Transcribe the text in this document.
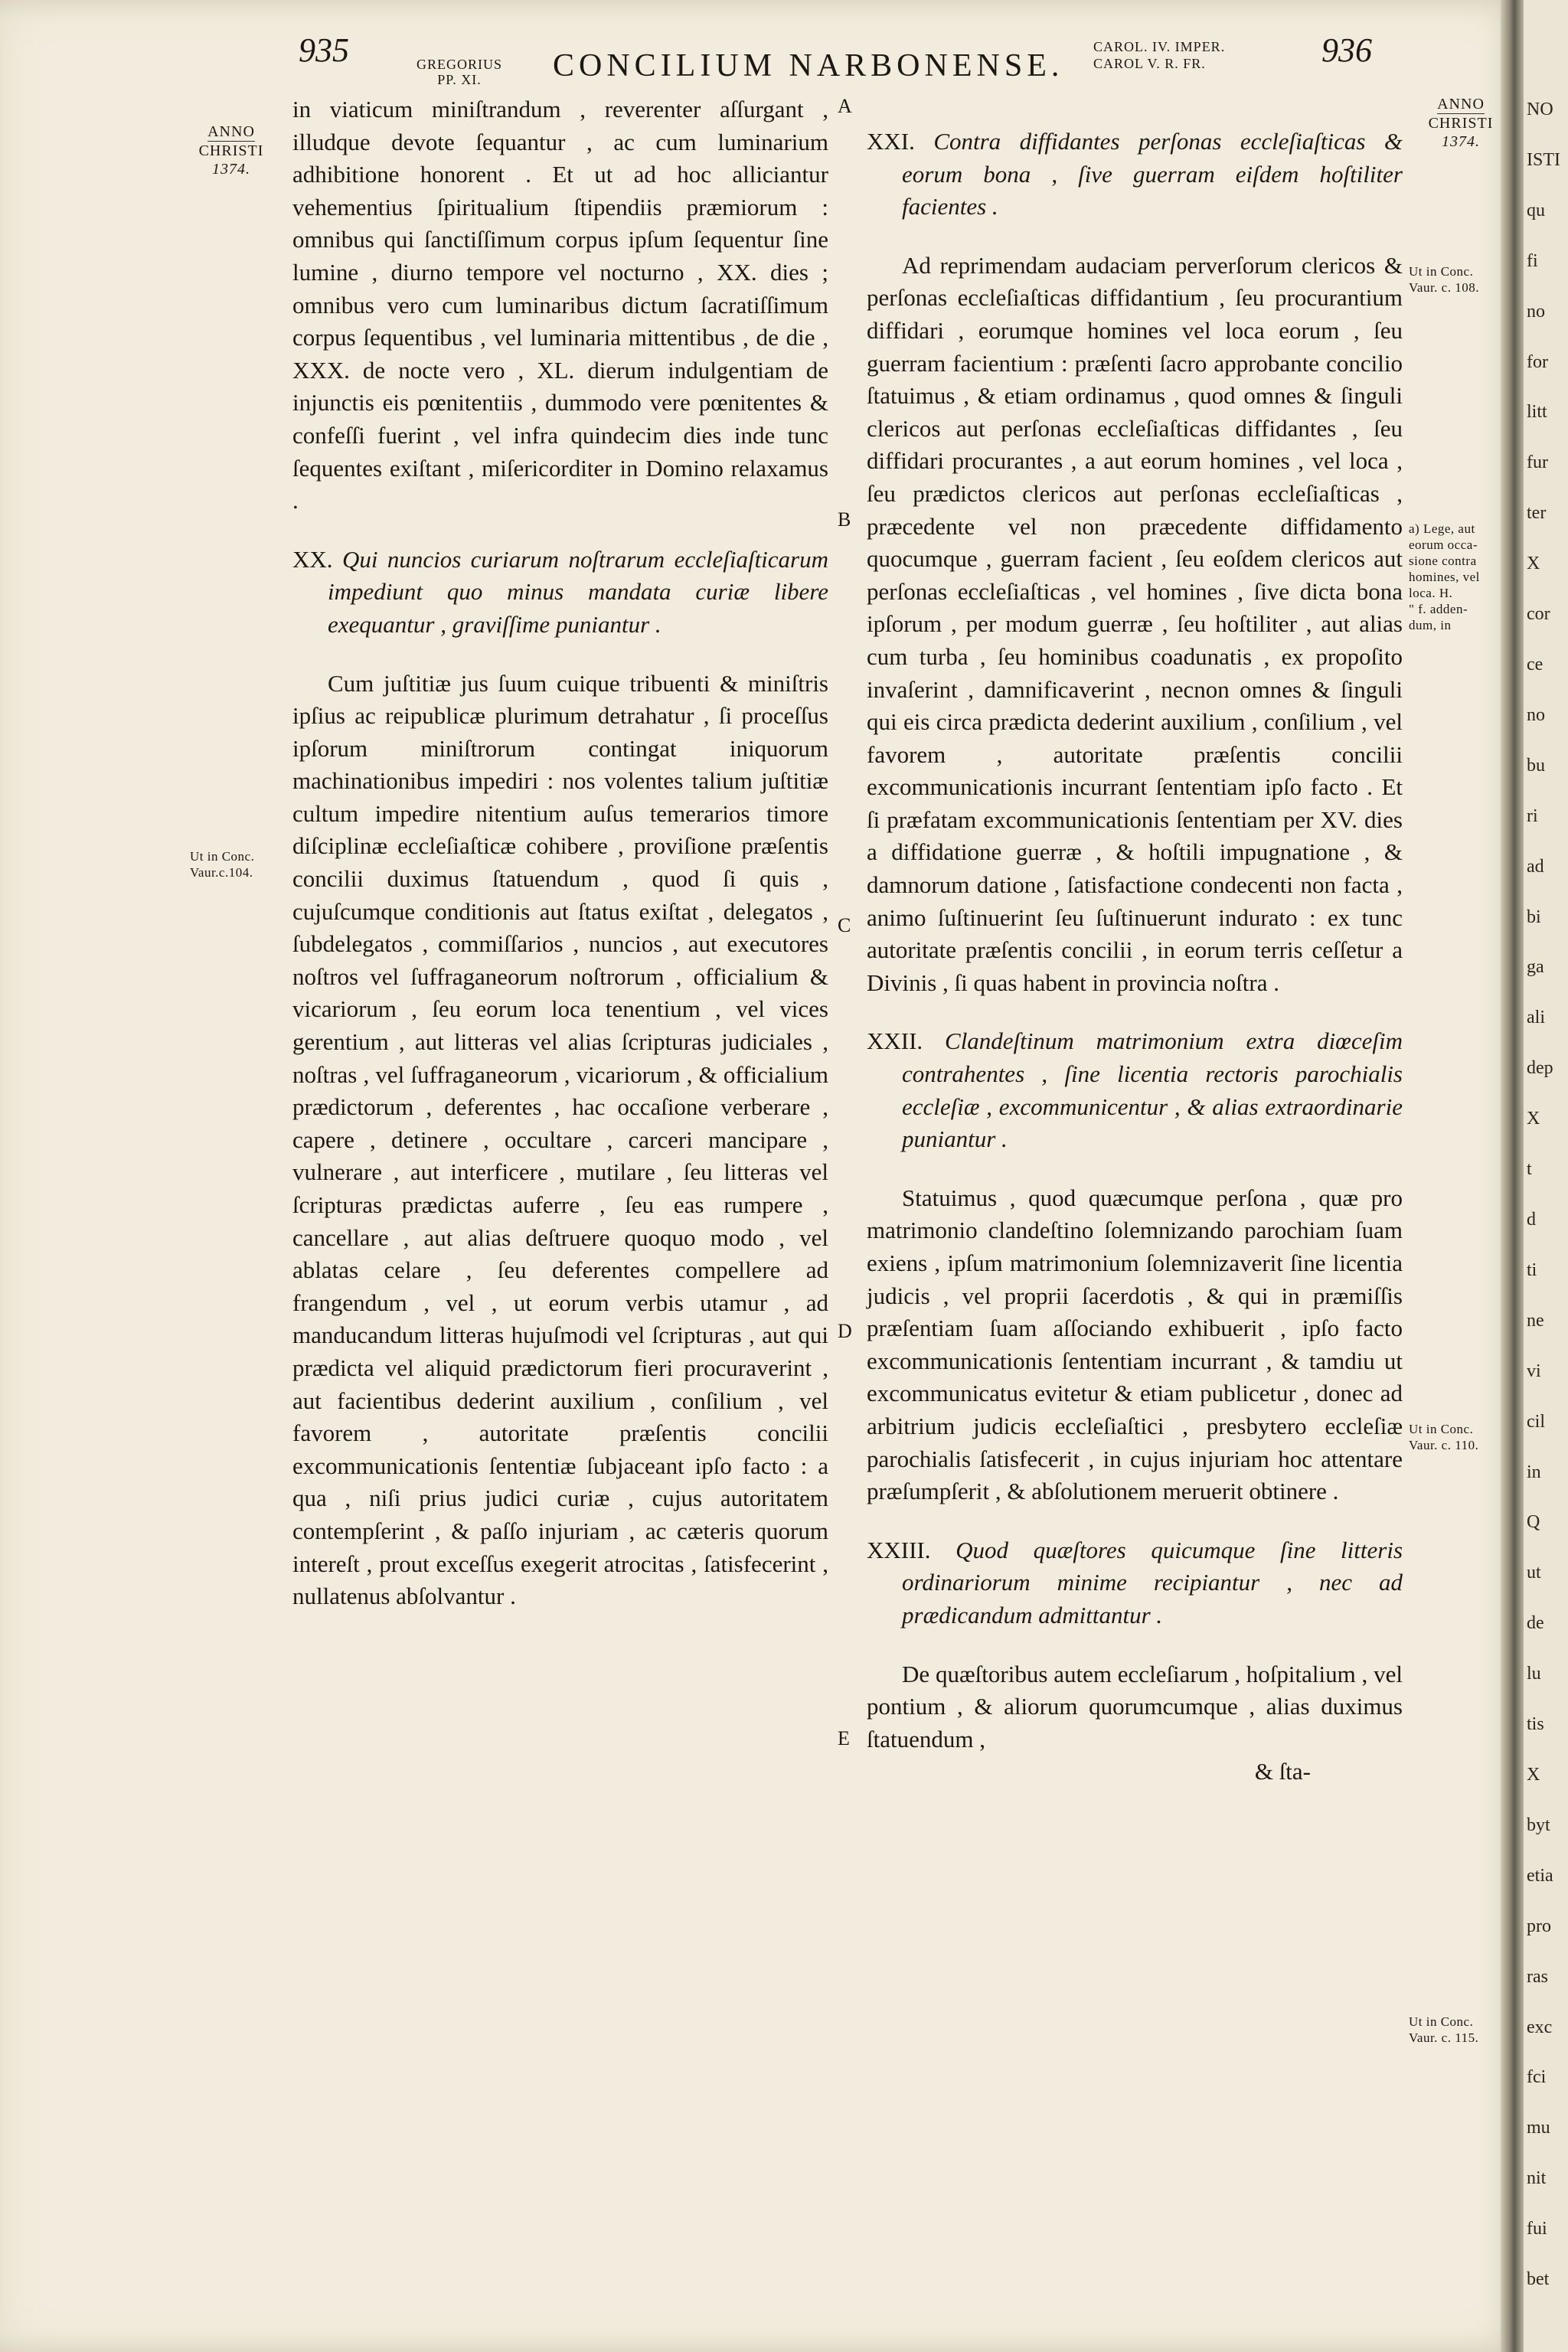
NO
ISTI
qu
fi
no
for
litt
fur
ter
X
cor
ce
no
bu
ri
ad
bi
ga
ali
dep
X
t
d
ti
ne
vi
cil
in
Q
ut
de
lu
tis
X
byt
etia
pro
ras
exc
fci
mu
nit
fui
bet
935	GREGORIUS
PP. XI.	CONCILIUM NARBONENSE.
CAROL. IV. IMPER.
CAROL V. R. FR.	936
ANNO
CHRISTI
1374.
ANNO
CHRISTI
1374.

in viaticum miniſtrandum , reverenter aſſurgant , illudque devote ſequantur , ac cum luminarium adhibitione honorent . Et ut ad hoc alliciantur vehementius ſpiritualium ſtipendiis præmiorum : omnibus qui ſanctiſſimum corpus ipſum ſequentur ſine lumine , diurno tempore vel nocturno , XX. dies ; omnibus vero cum luminaribus dictum ſacratiſſimum corpus ſequentibus , vel luminaria mittentibus , de die , XXX. de nocte vero , XL. dierum indulgentiam de injunctis eis pœnitentiis , dummodo vere pœnitentes & confeſſi fuerint , vel infra quindecim dies inde tunc ſequentes exiſtant , miſericorditer in Domino relaxamus .

XX. Qui nuncios curiarum noſtrarum eccleſiaſticarum impediunt quo minus mandata curiæ libere exequantur , graviſſime puniantur .

Cum juſtitiæ jus ſuum cuique tribuenti & miniſtris ipſius ac reipublicæ plurimum detrahatur , ſi proceſſus ipſorum miniſtrorum contingat iniquorum machinationibus impediri : nos volentes talium juſtitiæ cultum impedire nitentium auſus temerarios timore diſciplinæ eccleſiaſticæ cohibere , proviſione præſentis concilii duximus ſtatuendum , quod ſi quis , cujuſcumque conditionis aut ſtatus exiſtat , delegatos , ſubdelegatos , commiſſarios , nuncios , aut executores noſtros vel ſuffraganeorum noſtrorum , officialium & vicariorum , ſeu eorum loca tenentium , vel vices gerentium , aut litteras vel alias ſcripturas judiciales , noſtras , vel ſuffraganeorum , vicariorum , & officialium prædictorum , deferentes , hac occaſione verberare , capere , detinere , occultare , carceri mancipare , vulnerare , aut interficere , mutilare , ſeu litteras vel ſcripturas prædictas auferre , ſeu eas rumpere , cancellare , aut alias deſtruere quoquo modo , vel ablatas celare , ſeu deferentes compellere ad frangendum , vel , ut eorum verbis utamur , ad manducandum litteras hujuſmodi vel ſcripturas , aut qui prædicta vel aliquid prædictorum fieri procuraverint , aut facientibus dederint auxilium , conſilium , vel favorem , autoritate præſentis concilii excommunicationis ſententiæ ſubjaceant ipſo facto : a qua , niſi prius judici curiæ , cujus autoritatem contempſerint , & paſſo injuriam , ac cæteris quorum intereſt , prout exceſſus exegerit atrocitas , ſatisfecerint , nullatenus abſolvantur .

A
B
C
D
E
Ut in Conc.
Vaur.c.104.

XXI. Contra diffidantes perſonas eccleſiaſticas & eorum bona , ſive guerram eiſdem hoſtiliter facientes .

Ad reprimendam audaciam perverſorum clericos & perſonas eccleſiaſticas diffidantium , ſeu procurantium diffidari , eorumque homines vel loca eorum , ſeu guerram facientium : præſenti ſacro approbante concilio ſtatuimus , & etiam ordinamus , quod omnes & ſinguli clericos aut perſonas eccleſiaſticas diffidantes , ſeu diffidari procurantes , a aut eorum homines , vel loca , ſeu prædictos clericos aut perſonas eccleſiaſticas , præcedente vel non præcedente diffidamento quocumque , guerram facient , ſeu eoſdem clericos aut perſonas eccleſiaſticas , vel homines , ſive dicta bona ipſorum , per modum guerræ , ſeu hoſtiliter , aut alias cum turba , ſeu hominibus coadunatis , ex propoſito invaſerint , damnificaverint , necnon omnes & ſinguli qui eis circa prædicta dederint auxilium , conſilium , vel favorem , autoritate præſentis concilii excommunicationis incurrant ſententiam ipſo facto . Et ſi præfatam excommunicationis ſententiam per XV. dies a diffidatione guerræ , & hoſtili impugnatione , & damnorum datione , ſatisfactione condecenti non facta , animo ſuſtinuerint ſeu ſuſtinuerunt indurato : ex tunc autoritate præſentis concilii , in eorum terris ceſſetur a Divinis , ſi quas habent in provincia noſtra .

XXII. Clandeſtinum matrimonium extra diœceſim contrahentes , ſine licentia rectoris parochialis eccleſiæ , excommunicentur , & alias extraordinarie puniantur .

Statuimus , quod quæcumque perſona , quæ pro matrimonio clandeſtino ſolemnizando parochiam ſuam exiens , ipſum matrimonium ſolemnizaverit ſine licentia judicis , vel proprii ſacerdotis , & qui in præmiſſis præſentiam ſuam aſſociando exhibuerit , ipſo facto excommunicationis ſententiam incurrant , & tamdiu ut excommunicatus evitetur & etiam publicetur , donec ad arbitrium judicis eccleſiaſtici , presbytero eccleſiæ parochialis ſatisfecerit , in cujus injuriam hoc attentare præſumpſerit , & abſolutionem meruerit obtinere .

XXIII. Quod quæſtores quicumque ſine litteris ordinariorum minime recipiantur , nec ad prædicandum admittantur .

De quæſtoribus autem eccleſiarum , hoſpitalium , vel pontium , & aliorum quorumcumque , alias duximus ſtatuendum ,

& ſta-

Ut in Conc.
Vaur. c. 108.
a) Lege, aut
eorum occa-
sione contra
homines, vel
loca. H.
" f. adden-
dum, in
Ut in Conc.
Vaur. c. 110.
Ut in Conc.
Vaur. c. 115.
